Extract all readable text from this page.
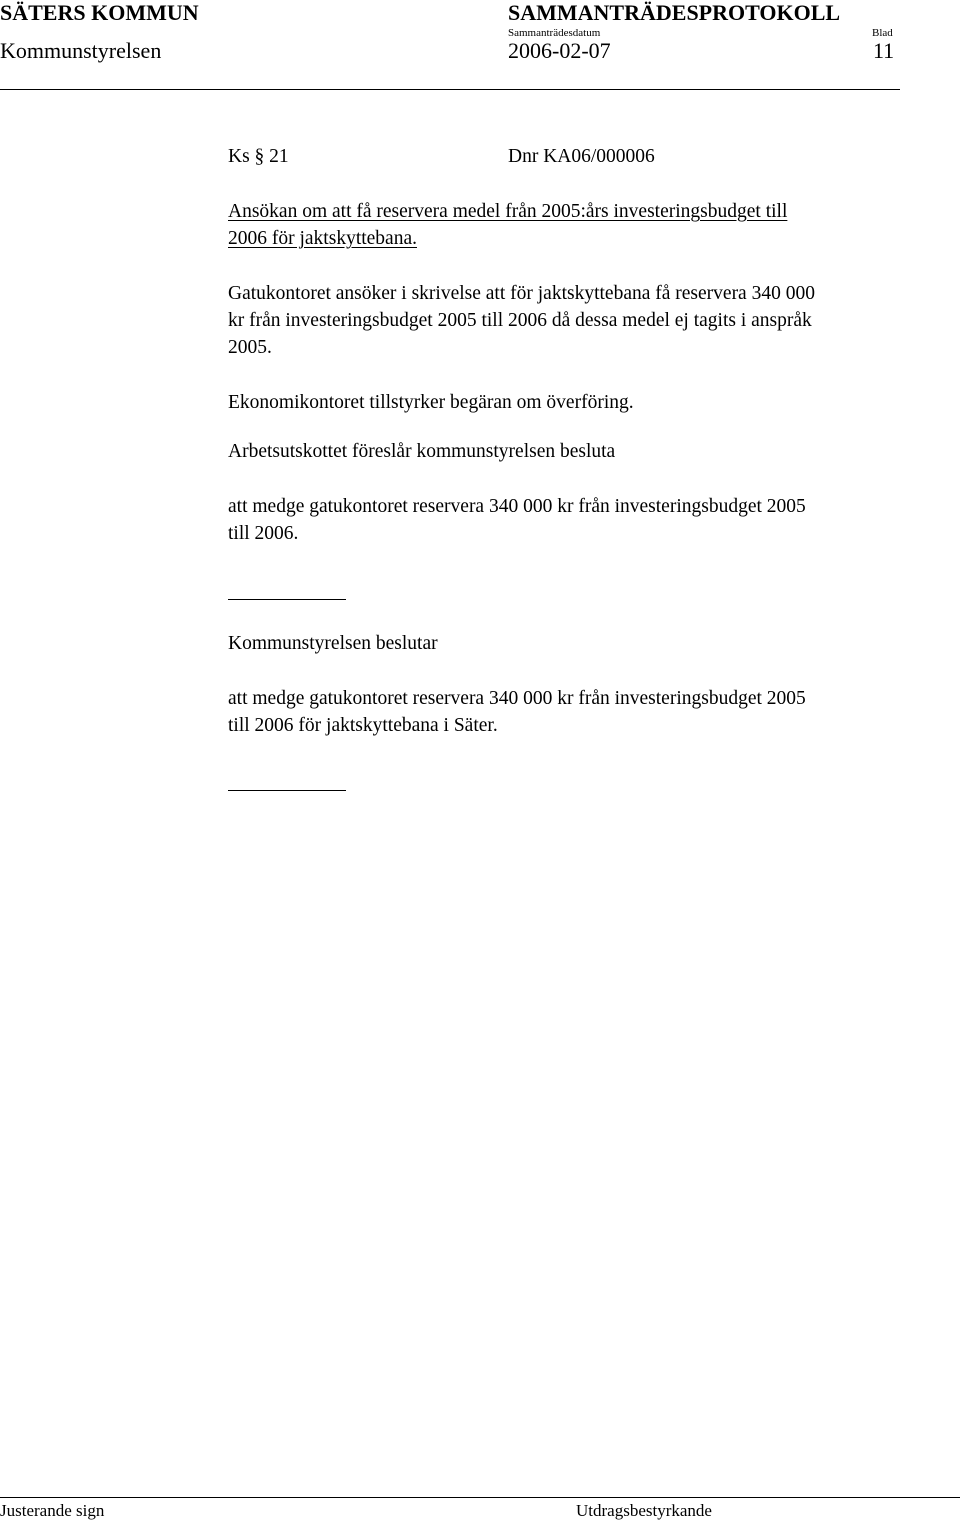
SÄTERS KOMMUN	SAMMANTRÄDESPROTOKOLL
Sammanträdesdatum	Blad
Kommunstyrelsen	2006-02-07	11
Ks § 21	Dnr KA06/000006

Ansökan om att få reservera medel från 2005:års investeringsbudget till

2006 för jaktskyttebana.

Gatukontoret ansöker i skrivelse att för jaktskyttebana få reservera 340 000

kr från investeringsbudget 2005 till 2006 då dessa medel ej tagits i anspråk

2005.

Ekonomikontoret tillstyrker begäran om överföring.

Arbetsutskottet föreslår kommunstyrelsen besluta

att medge gatukontoret reservera 340 000 kr från investeringsbudget 2005

till 2006.

Kommunstyrelsen beslutar

att medge gatukontoret reservera 340 000 kr från investeringsbudget 2005

till 2006 för jaktskyttebana i Säter.

Justerande sign	Utdragsbestyrkande
